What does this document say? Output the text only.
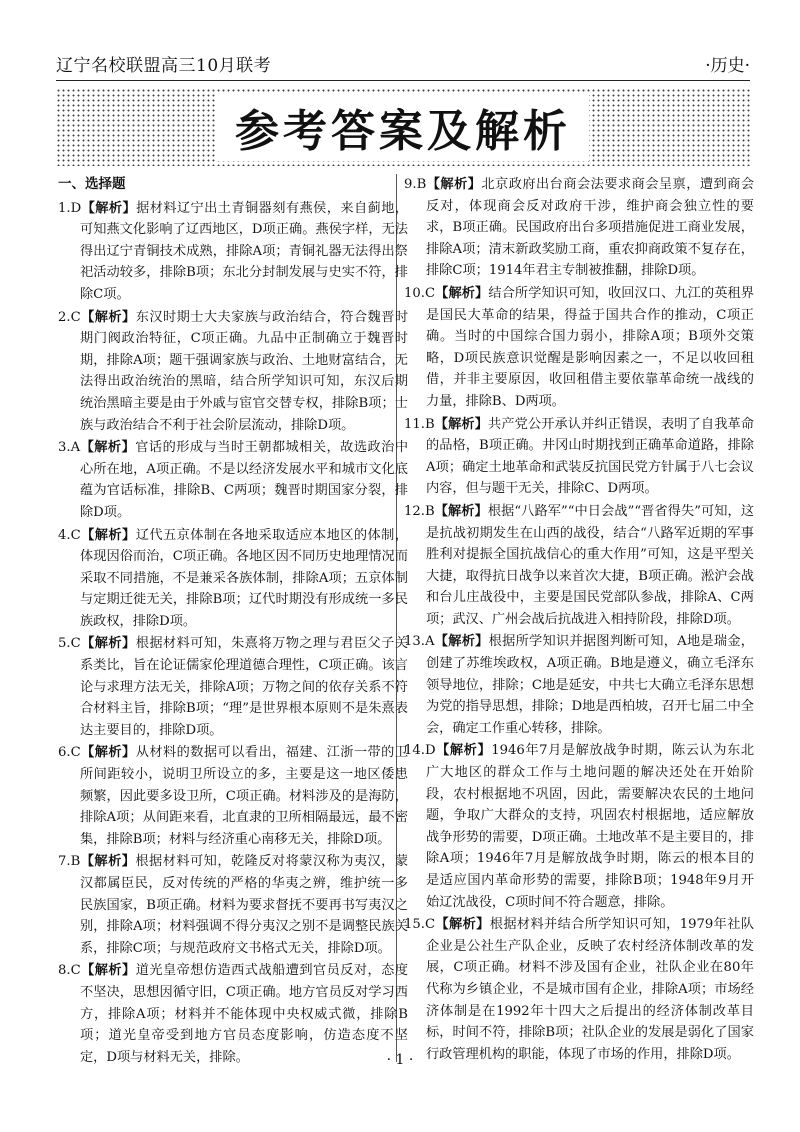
辽宁名校联盟高三10月联考	·历史·
参考答案及解析
一、选择题
1.D【解析】据材料辽宁出土青铜器刻有燕侯，来自蓟地，可知燕文化影响了辽西地区，D项正确。燕侯字样，无法得出辽宁青铜技术成熟，排除A项；青铜礼器无法得出祭祀活动较多，排除B项；东北分封制发展与史实不符，排除C项。
2.C【解析】东汉时期士大夫家族与政治结合，符合魏晋时期门阀政治特征，C项正确。九品中正制确立于魏晋时期，排除A项；题干强调家族与政治、土地财富结合，无法得出政治统治的黑暗，结合所学知识可知，东汉后期统治黑暗主要是由于外戚与宦官交替专权，排除B项；士族与政治结合不利于社会阶层流动，排除D项。
3.A【解析】官话的形成与当时王朝都城相关，故选政治中心所在地，A项正确。不是以经济发展水平和城市文化底蕴为官话标准，排除B、C两项；魏晋时期国家分裂，排除D项。
4.C【解析】辽代五京体制在各地采取适应本地区的体制，体现因俗而治，C项正确。各地区因不同历史地理情况而采取不同措施，不是兼采各族体制，排除A项；五京体制与定期迁徙无关，排除B项；辽代时期没有形成统一多民族政权，排除D项。
5.C【解析】根据材料可知，朱熹将万物之理与君臣父子关系类比，旨在论证儒家伦理道德合理性，C项正确。该言论与求理方法无关，排除A项；万物之间的依存关系不符合材料主旨，排除B项；“理”是世界根本原则不是朱熹表达主要目的，排除D项。
6.C【解析】从材料的数据可以看出，福建、江浙一带的卫所间距较小，说明卫所设立的多，主要是这一地区倭患频繁，因此要多设卫所，C项正确。材料涉及的是海防，排除A项；从间距来看，北直隶的卫所相隔最远，最不密集，排除B项；材料与经济重心南移无关，排除D项。
7.B【解析】根据材料可知，乾隆反对将蒙汉称为夷汉，蒙汉都属臣民，反对传统的严格的华夷之辨，维护统一多民族国家，B项正确。材料为要求督抚不要再书写夷汉之别，排除A项；材料强调不得分夷汉之别不是调整民族关系，排除C项；与规范政府文书格式无关，排除D项。
8.C【解析】道光皇帝想仿造西式战船遭到官员反对，态度不坚决，思想因循守旧，C项正确。地方官员反对学习西方，排除A项；材料并不能体现中央权威式微，排除B项；道光皇帝受到地方官员态度影响，仿造态度不坚定，D项与材料无关，排除。
9.B【解析】北京政府出台商会法要求商会呈禀，遭到商会反对，体现商会反对政府干涉，维护商会独立性的要求，B项正确。民国政府出台多项措施促进工商业发展，排除A项；清末新政奖励工商，重农抑商政策不复存在，排除C项；1914年君主专制被推翻，排除D项。
10.C【解析】结合所学知识可知，收回汉口、九江的英租界是国民大革命的结果，得益于国共合作的推动，C项正确。当时的中国综合国力弱小，排除A项；B项外交策略，D项民族意识觉醒是影响因素之一，不足以收回租借，并非主要原因，收回租借主要依靠革命统一战线的力量，排除B、D两项。
11.B【解析】共产党公开承认并纠正错误，表明了自我革命的品格，B项正确。井冈山时期找到正确革命道路，排除A项；确定土地革命和武装反抗国民党方针属于八七会议内容，但与题干无关，排除C、D两项。
12.B【解析】根据“八路军”“中日会战”“晋省得失”可知，这是抗战初期发生在山西的战役，结合“八路军近期的军事胜利对提振全国抗战信心的重大作用”可知，这是平型关大捷，取得抗日战争以来首次大捷，B项正确。淞沪会战和台儿庄战役中，主要是国民党部队参战，排除A、C两项；武汉、广州会战后抗战进入相持阶段，排除D项。
13.A【解析】根据所学知识并据图判断可知，A地是瑞金，创建了苏维埃政权，A项正确。B地是遵义，确立毛泽东领导地位，排除；C地是延安，中共七大确立毛泽东思想为党的指导思想，排除；D地是西柏坡，召开七届二中全会，确定工作重心转移，排除。
14.D【解析】1946年7月是解放战争时期，陈云认为东北广大地区的群众工作与土地问题的解决还处在开始阶段，农村根据地不巩固，因此，需要解决农民的土地问题，争取广大群众的支持，巩固农村根据地，适应解放战争形势的需要，D项正确。土地改革不是主要目的，排除A项；1946年7月是解放战争时期，陈云的根本目的是适应国内革命形势的需要，排除B项；1948年9月开始辽沈战役，C项时间不符合题意，排除。
15.C【解析】根据材料并结合所学知识可知，1979年社队企业是公社生产队企业，反映了农村经济体制改革的发展，C项正确。材料不涉及国有企业，社队企业在80年代称为乡镇企业，不是城市国有企业，排除A项；市场经济体制是在1992年十四大之后提出的经济体制改革目标，时间不符，排除B项；社队企业的发展是弱化了国家行政管理机构的职能，体现了市场的作用，排除D项。
· 1 ·
